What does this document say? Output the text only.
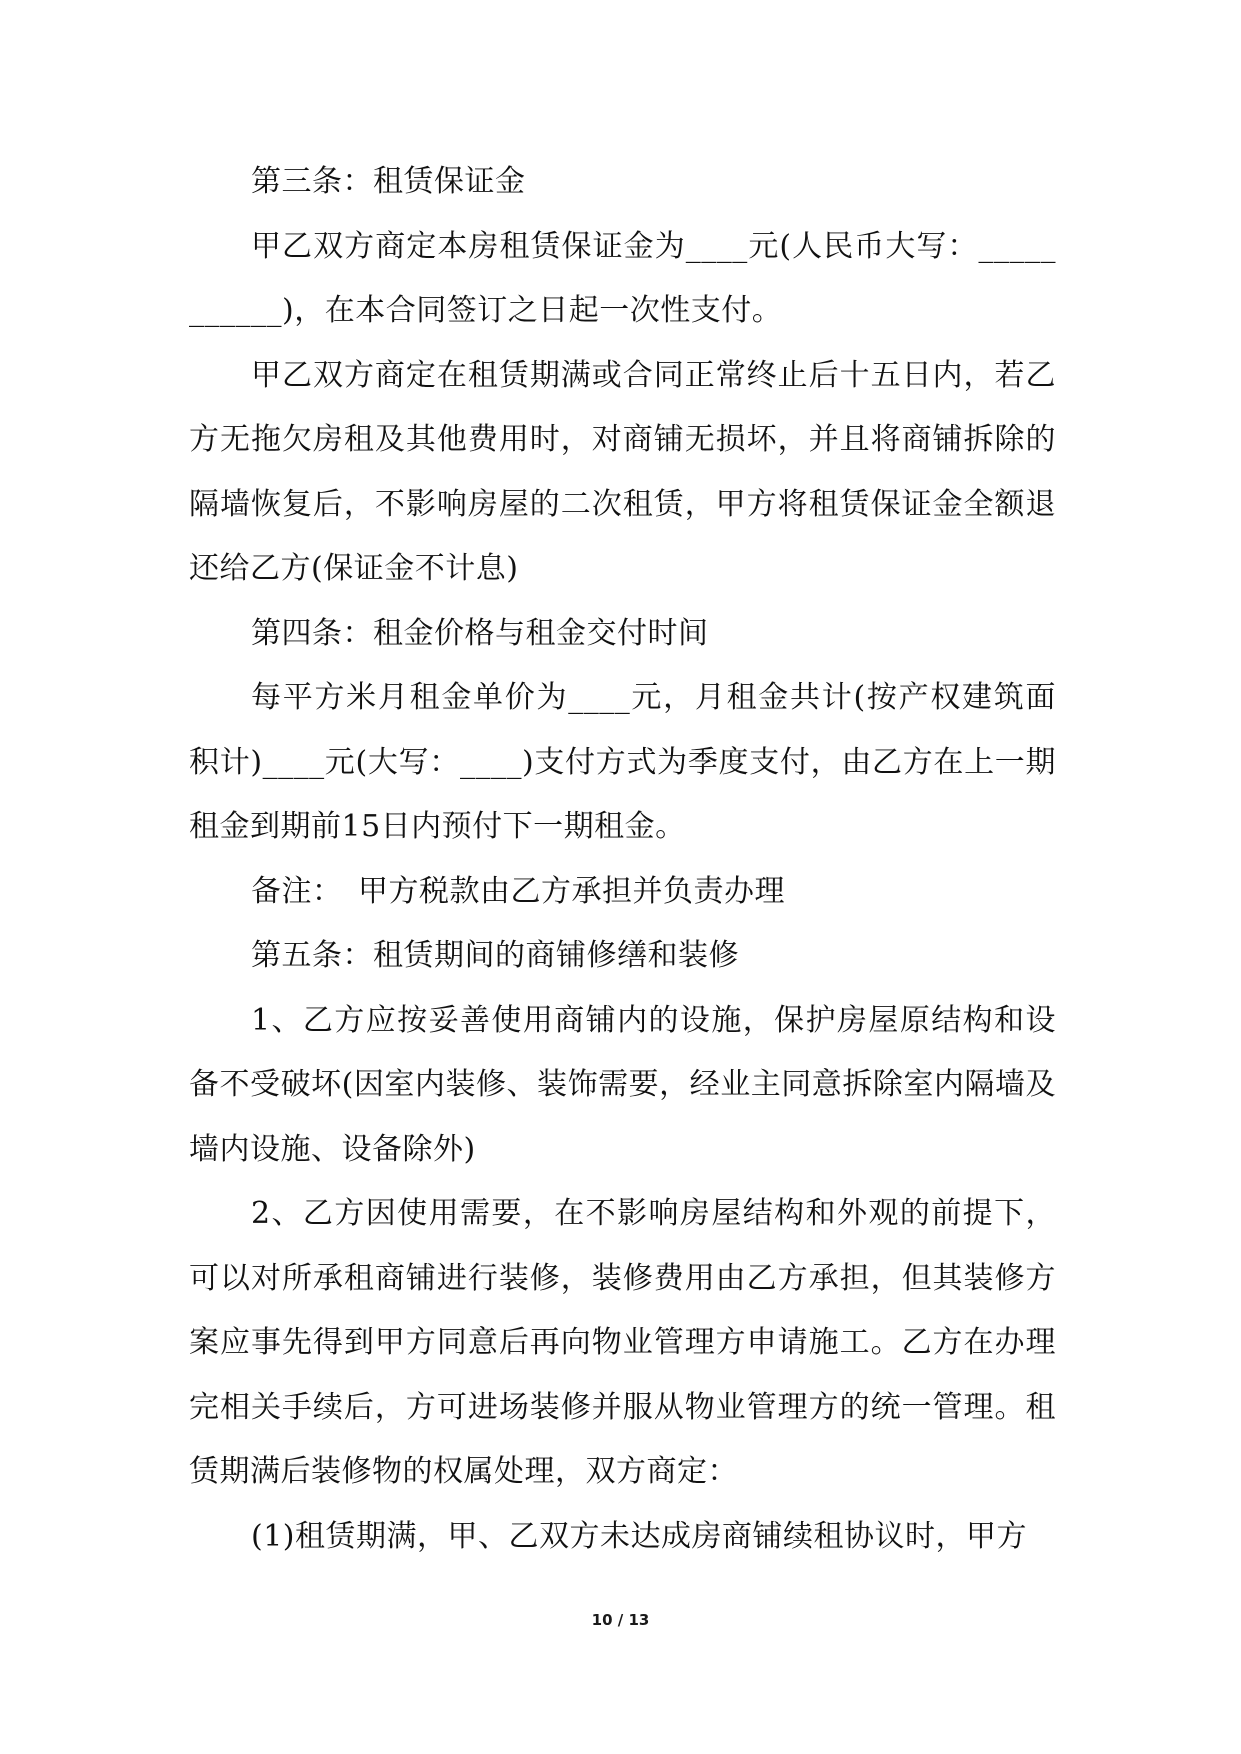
第三条：租赁保证金

甲乙双方商定本房租赁保证金为____元(人民币大写：___________)，在本合同签订之日起一次性支付。

甲乙双方商定在租赁期满或合同正常终止后十五日内，若乙方无拖欠房租及其他费用时，对商铺无损坏，并且将商铺拆除的隔墙恢复后，不影响房屋的二次租赁，甲方将租赁保证金全额退还给乙方(保证金不计息)

第四条：租金价格与租金交付时间

每平方米月租金单价为____元，月租金共计(按产权建筑面积计)____元(大写：____)支付方式为季度支付，由乙方在上一期租金到期前15日内预付下一期租金。

备注：　甲方税款由乙方承担并负责办理

第五条：租赁期间的商铺修缮和装修

1、乙方应按妥善使用商铺内的设施，保护房屋原结构和设备不受破坏(因室内装修、装饰需要，经业主同意拆除室内隔墙及墙内设施、设备除外)

2、乙方因使用需要，在不影响房屋结构和外观的前提下，可以对所承租商铺进行装修，装修费用由乙方承担，但其装修方案应事先得到甲方同意后再向物业管理方申请施工。乙方在办理完相关手续后，方可进场装修并服从物业管理方的统一管理。租赁期满后装修物的权属处理，双方商定：

(1)租赁期满，甲、乙双方未达成房商铺续租协议时，甲方

10 / 13
